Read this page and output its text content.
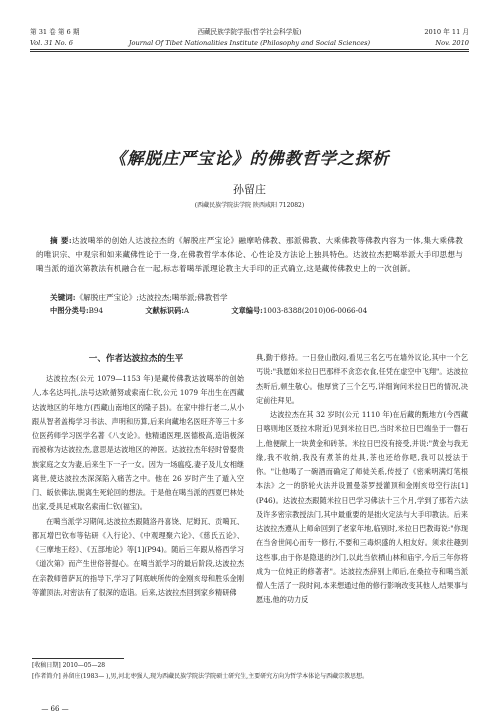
第 31 卷 第 6 期	西藏民族学院学报(哲学社会科学版)	2010 年 11 月
Vol. 31 No. 6	Journal Of Tibet Nationalities Institute (Philosophy and Social Sciences)	Nov. 2010
《解脱庄严宝论》的佛教哲学之探析
孙留庄
(西藏民族学院法学院 陕西咸阳 712082)
摘 要:达波噶举的创始人达波拉杰的《解脱庄严宝论》融摩哈佛教、那派佛教、大乘佛教等佛教内容为一体,集大乘佛教的唯识宗、中观宗和如来藏佛性论于一身,在佛教哲学本体论、心性论及方法论上独具特色。达波拉杰把噶举派大手印思想与噶当派的道次第教法有机融合在一起,标志着噶举派理论教主大手印的正式确立,这是藏传佛教史上的一次创新。
关键词:《解脱庄严宝论》;达波拉杰;噶举派;佛教哲学
中图分类号:B94	文献标识码:A	文章编号:1003-8388(2010)06-0066-04
一、作者达波拉杰的生平

达波拉杰(公元 1079—1153 年)是藏传佛教达波噶举的创始人,本名达玛扎,法号达欧循努或索南仁钦,公元 1079 年出生在西藏达波地区的年地方(西藏山南地区的隆子县)。在家中排行老二,从小跟从智者盖梅学习书法、声明和历算,后来向藏地名医旺齐等三十多位医药师学习医学名著《八支论》。他精通医理,医德极高,造诣极深而被称为达波拉杰,意思是达波地区的神医。达波拉杰年轻时曾娶贵族家庭之女为妻,后来生下一子一女。因为一场瘟疫,妻子及儿女相继离世,使达波拉杰深深陷入痛苦之中。他在 26 岁时产生了遁入空门、皈依佛法,脱离生死轮回的想法。于是他在噶当派的西夏巴林处出家,受具足戒取名索南仁钦(福宝)。

在噶当派学习期间,达波拉杰跟随洛丹喜饶、尼姆瓦、贡噶瓦、都瓦增巴钦布等钻研《入行论》、《中观理聚六论》、《慈氏五论》、《三摩地王经》、《五部地论》等[1](P94)。随后三年跟从格西学习《道次第》而产生世俗菩提心。在噶当派学习的最后阶段,达波拉杰在亲教师曾萨瓦的指导下,学习了阿底峡所传的金刚亥母和胜乐金刚等灌顶法,对密法有了很深的造诣。后来,达波拉杰回到家乡精研佛

典,勤于修持。一日登山散闷,看见三名乞丐在墙外议论,其中一个乞丐说:"我愿如米拉日巴那样不贪恋衣食,任凭在虚空中飞翔"。达波拉杰听后,顿生敬心。他厚赏了三个乞丐,详细询问米拉日巴的情况,决定前往拜见。

达波拉杰在其 32 岁时(公元 1110 年)在后藏的甄地方(今西藏日喀则地区聂拉木附近)见到米拉日巴,当时米拉日巴端坐于一磐石上,他便献上一块黄金和砖茶。米拉日巴没有接受,并说:"黄金与我无缘,我不收纳,我没有煮茶的灶具,茶也还给你吧,我可以授法于你。"让他喝了一碗酒而确定了师徒关系,传授了《密乘明满灯笔根本法》之一的脐轮火法并设置曼荼罗授灌顶和金刚亥母空行法[1](P46)。达波拉杰跟随米拉日巴学习佛法十三个月,学到了那若六法及许多密宗教授法门,其中最重要的是拙火定法与大手印教法。后来达波拉杰遵从上师命回到了老家年地,临别时,米拉日巴教诲说:"你现在当舍世间心而专一修行,不要和三毒炽盛的人相友好。须求往趣到这些事,由于你是隐退的沙门,以此当依栖山林和庙宇,今后三年你将成为一位纯正的修著者"。达波拉杰辞别上师后,在桑拉寺和噶当派僧人生活了一段时间,本来想通过他的修行影响改变其他人,结果事与愿违,他的功力反

[收稿日期] 2010—05—28

[作者简介] 孙留庄(1983— ),男,河北枣强人,现为西藏民族学院法学院硕士研究生,主要研究方向为哲学本体论与西藏宗教思想。

— 66 —
